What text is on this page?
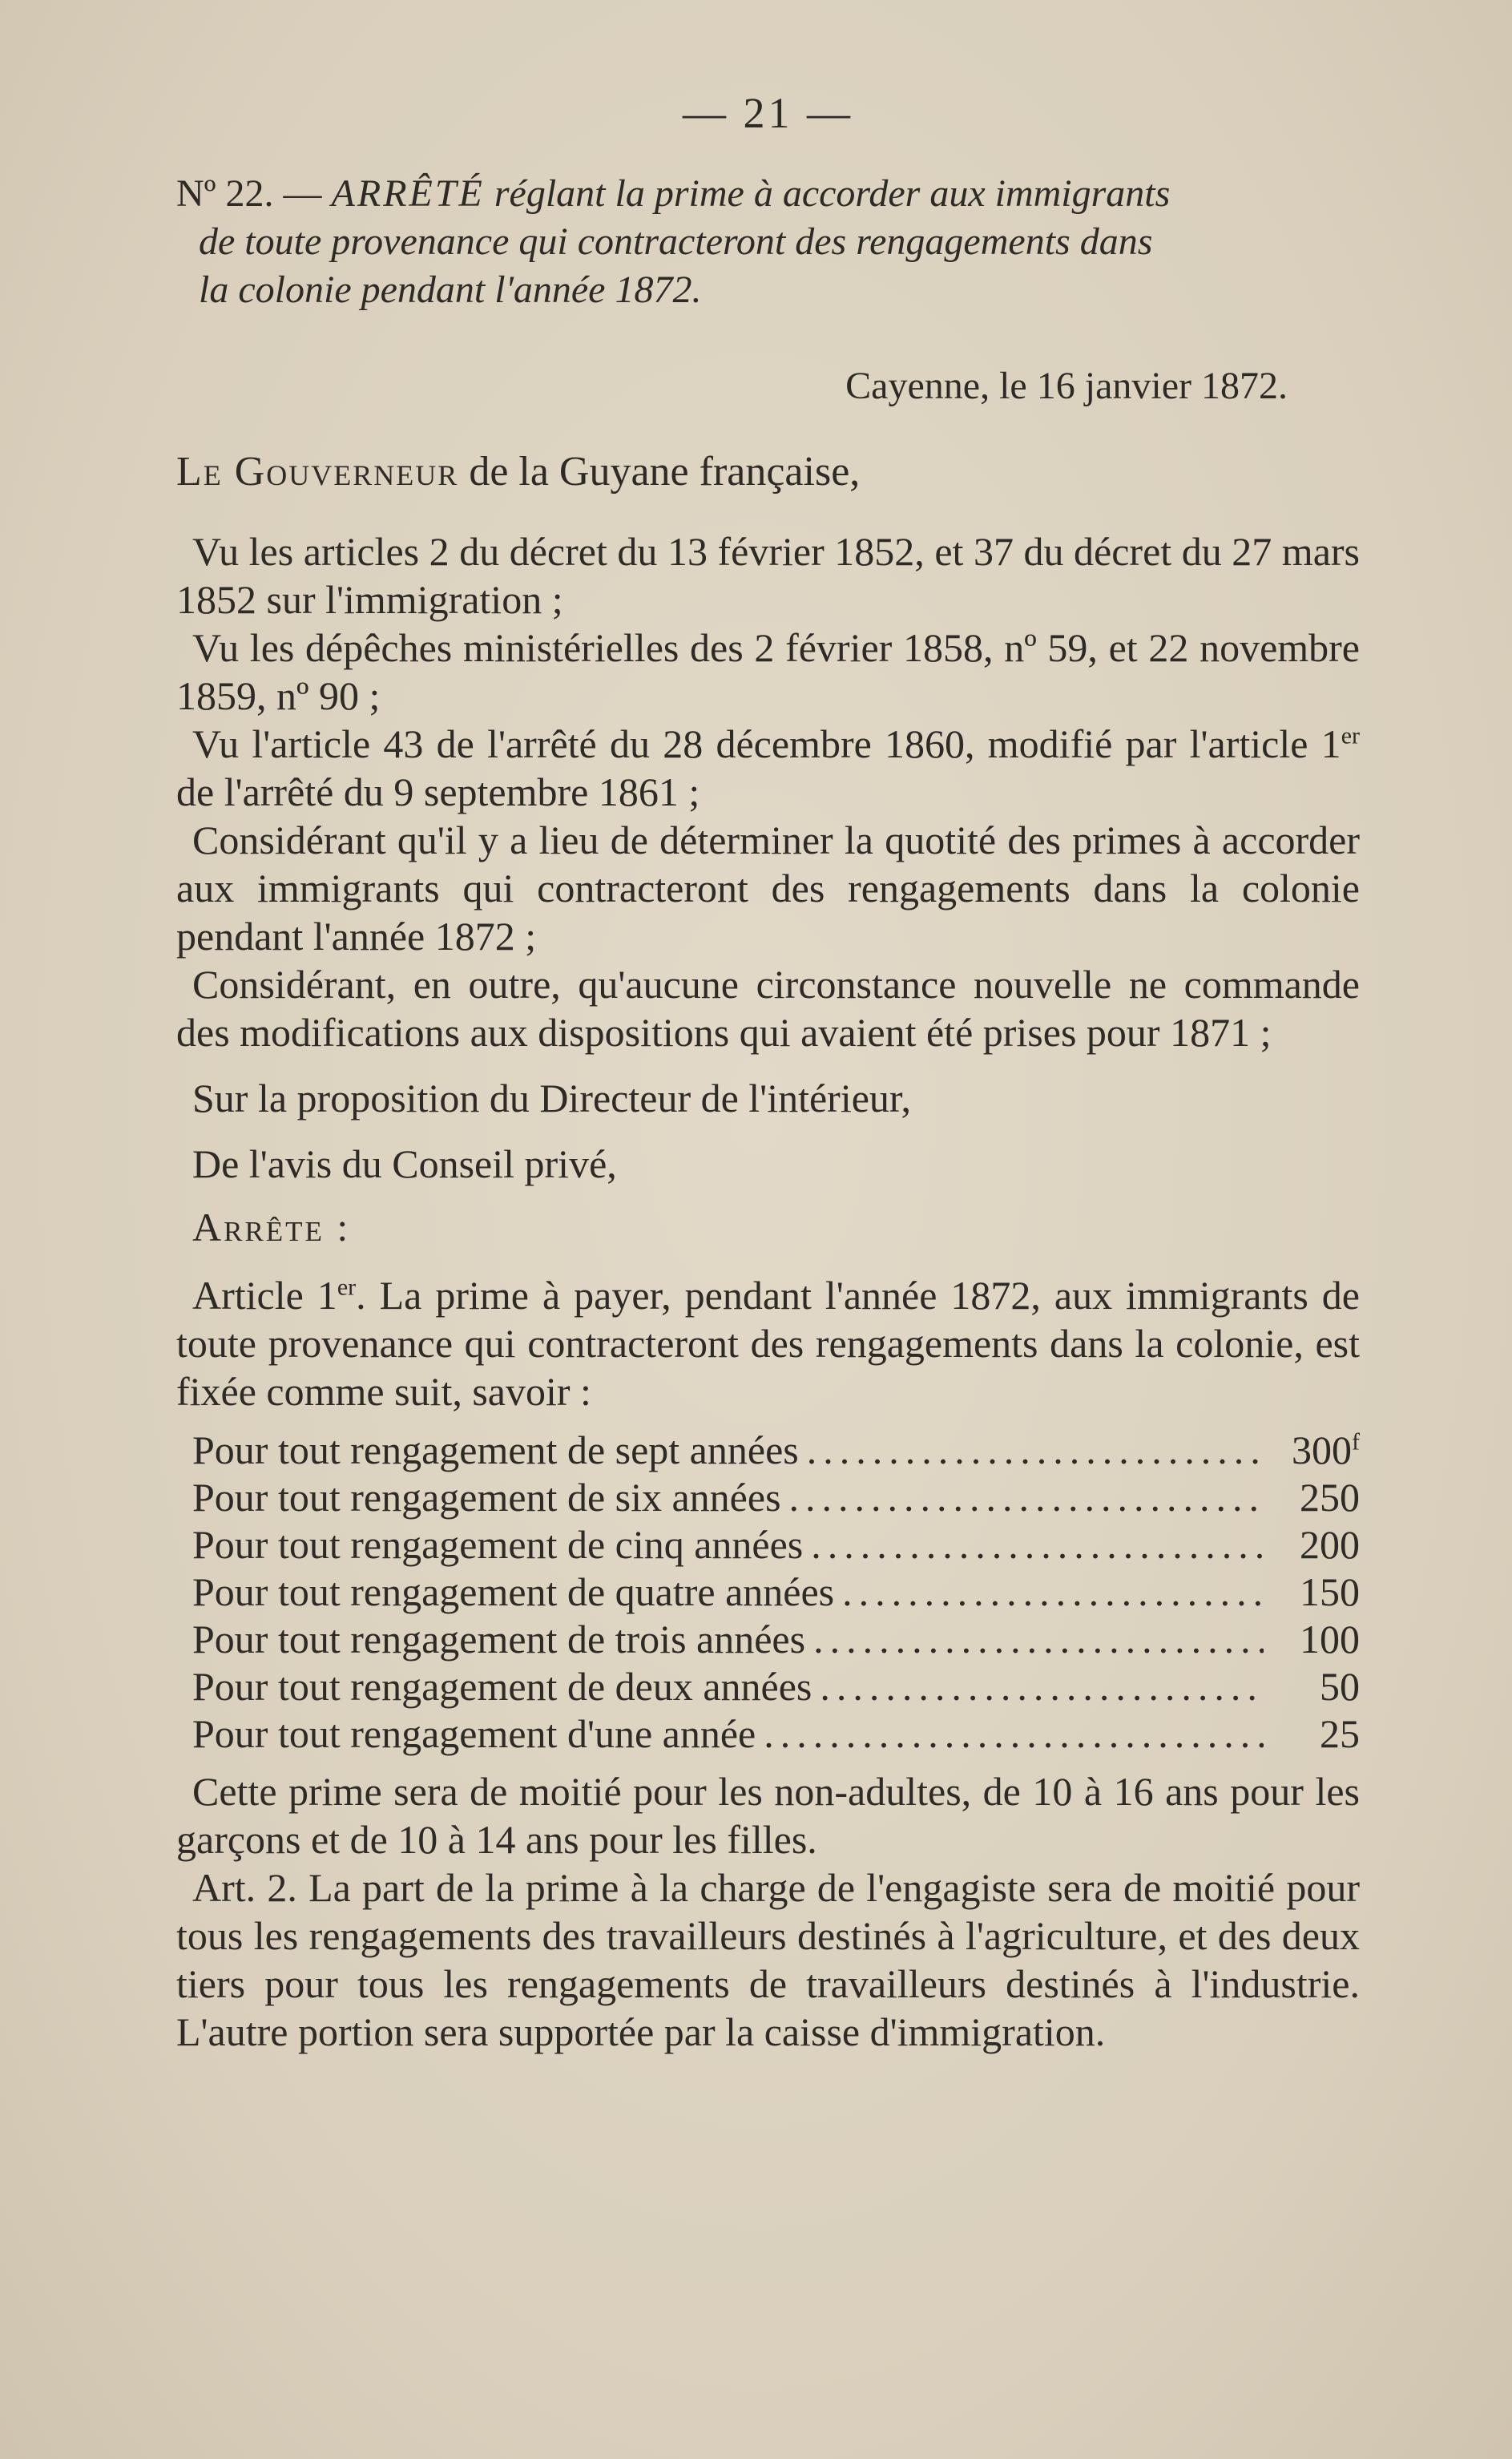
— 21 —
Nº 22. — ARRÊTÉ réglant la prime à accorder aux immigrants
de toute provenance qui contracteront des rengagements dans
la colonie pendant l'année 1872.
Cayenne, le 16 janvier 1872.
Le Gouverneur de la Guyane française,

Vu les articles 2 du décret du 13 février 1852, et 37 du décret du 27 mars 1852 sur l'immigration ;

Vu les dépêches ministérielles des 2 février 1858, nº 59, et 22 novembre 1859, nº 90 ;

Vu l'article 43 de l'arrêté du 28 décembre 1860, modifié par l'article 1er de l'arrêté du 9 septembre 1861 ;

Considérant qu'il y a lieu de déterminer la quotité des primes à accorder aux immigrants qui contracteront des rengagements dans la colonie pendant l'année 1872 ;

Considérant, en outre, qu'aucune circonstance nouvelle ne commande des modifications aux dispositions qui avaient été prises pour 1871 ;

Sur la proposition du Directeur de l'intérieur,

De l'avis du Conseil privé,

Arrête :

Article 1er. La prime à payer, pendant l'année 1872, aux immigrants de toute provenance qui contracteront des rengagements dans la colonie, est fixée comme suit, savoir :

Pour tout rengagement de sept années .....	300$^f$
Pour tout rengagement de six années .....	250
Pour tout rengagement de cinq années .....	200
Pour tout rengagement de quatre années .....	150
Pour tout rengagement de trois années .....	100
Pour tout rengagement de deux années .....	50
Pour tout rengagement d'une année .....	25

Cette prime sera de moitié pour les non-adultes, de 10 à 16 ans pour les garçons et de 10 à 14 ans pour les filles.

Art. 2. La part de la prime à la charge de l'engagiste sera de moitié pour tous les rengagements des travailleurs destinés à l'agriculture, et des deux tiers pour tous les rengagements de travailleurs destinés à l'industrie. L'autre portion sera supportée par la caisse d'immigration.
